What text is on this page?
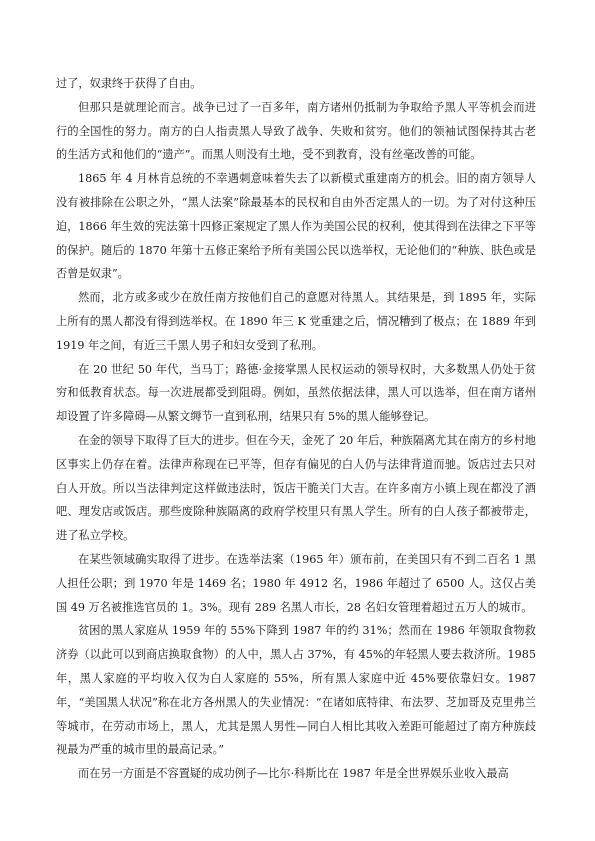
过了，奴隶终于获得了自由。

但那只是就理论而言。战争已过了一百多年，南方诸州仍抵制为争取给予黑人平等机会而进行的全国性的努力。南方的白人指责黑人导致了战争、失败和贫穷。他们的领袖试图保持其古老的生活方式和他们的“遗产”。而黑人则没有土地，受不到教育，没有丝毫改善的可能。

1865 年 4 月林肯总统的不幸遇刺意味着失去了以新模式重建南方的机会。旧的南方领导人没有被排除在公职之外，“黑人法案”除最基本的民权和自由外否定黑人的一切。为了对付这种压迫，1866 年生效的宪法第十四修正案规定了黑人作为美国公民的权利，使其得到在法律之下平等的保护。随后的 1870 年第十五修正案给予所有美国公民以选举权，无论他们的“种族、肤色或是否曾是奴隶”。

然而，北方或多或少在放任南方按他们自己的意愿对待黑人。其结果是，到 1895 年，实际上所有的黑人都没有得到选举权。在 1890 年三 K 党重建之后，情况糟到了极点；在 1889 年到 1919 年之间，有近三千黑人男子和妇女受到了私刑。

在 20 世纪 50 年代，当马丁；路德·金接掌黑人民权运动的领导权时，大多数黑人仍处于贫穷和低教育状态。每一次进展都受到阻碍。例如，虽然依据法律，黑人可以选举，但在南方诸州却设置了许多障碍—从繁文缛节一直到私刑，结果只有 5%的黑人能够登记。

在金的领导下取得了巨大的进步。但在今天，金死了 20 年后，种族隔离尤其在南方的乡村地区事实上仍存在着。法律声称现在已平等，但存有偏见的白人仍与法律背道而驰。饭店过去只对白人开放。所以当法律判定这样做违法时，饭店干脆关门大吉。在许多南方小镇上现在都没了酒吧、理发店或饭店。那些废除种族隔离的政府学校里只有黑人学生。所有的白人孩子都被带走，进了私立学校。

在某些领域确实取得了进步。在选举法案（1965 年）颁布前，在美国只有不到二百名 1 黑人担任公职；到 1970 年是 1469 名；1980 年 4912 名，1986 年超过了 6500 人。这仅占美国 49 万名被推选官员的 1。3%。现有 289 名黑人市长，28 名妇女管理着超过五万人的城市。

贫困的黑人家庭从 1959 年的 55%下降到 1987 年的约 31%；然而在 1986 年领取食物救济券（以此可以到商店换取食物）的人中，黑人占 37%，有 45%的年轻黑人要去救济所。1985 年，黑人家庭的平均收入仅为白人家庭的 55%，所有黑人家庭中近 45%要依靠妇女。1987 年，“美国黑人状况”称在北方各州黑人的失业情况：“在诸如底特律、布法罗、芝加哥及克里弗兰等城市，在劳动市场上，黑人，尤其是黑人男性—同白人相比其收入差距可能超过了南方种族歧视最为严重的城市里的最高记录。”

而在另一方面是不容置疑的成功例子—比尔·科斯比在 1987 年是全世界娱乐业收入最高
